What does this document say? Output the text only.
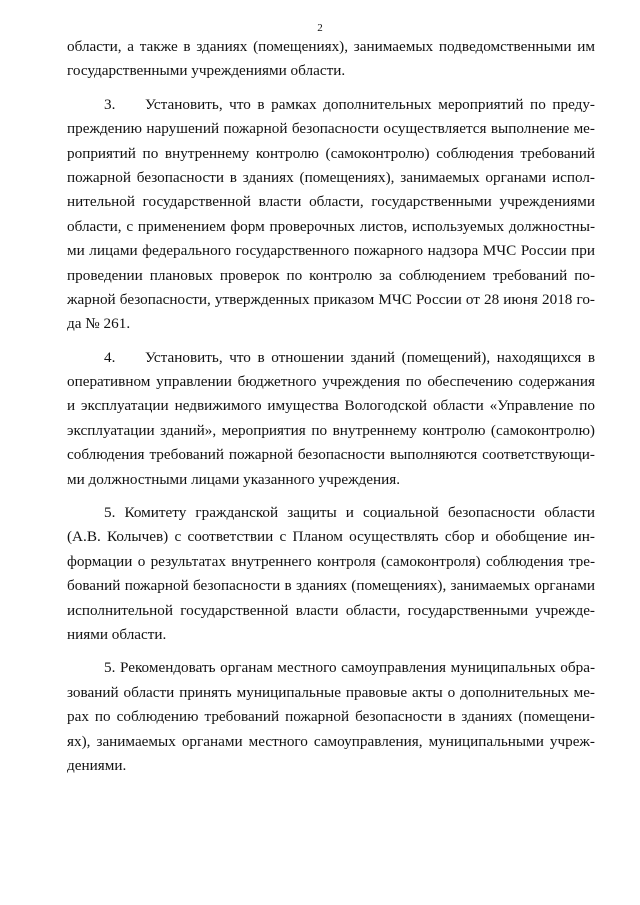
2
области, а также в зданиях (помещениях), занимаемых подведомственными им
государственными учреждениями области.
3. Установить, что в рамках дополнительных мероприятий по преду-
преждению нарушений пожарной безопасности осуществляется выполнение ме-
роприятий по внутреннему контролю (самоконтролю) соблюдения требований
пожарной безопасности в зданиях (помещениях), занимаемых органами испол-
нительной государственной власти области, государственными учреждениями
области, с применением форм проверочных листов, используемых должностны-
ми лицами федерального государственного пожарного надзора МЧС России при
проведении плановых проверок по контролю за соблюдением требований по-
жарной безопасности, утвержденных приказом МЧС России от 28 июня 2018 го-
да № 261.
4. Установить, что в отношении зданий (помещений), находящихся в
оперативном управлении бюджетного учреждения по обеспечению содержания
и эксплуатации недвижимого имущества Вологодской области «Управление по
эксплуатации зданий», мероприятия по внутреннему контролю (самоконтролю)
соблюдения требований пожарной безопасности выполняются соответствующи-
ми должностными лицами указанного учреждения.
5. Комитету гражданской защиты и социальной безопасности области
(А.В. Колычев) с соответствии с Планом осуществлять сбор и обобщение ин-
формации о результатах внутреннего контроля (самоконтроля) соблюдения тре-
бований пожарной безопасности в зданиях (помещениях), занимаемых органами
исполнительной государственной власти области, государственными учрежде-
ниями области.
5. Рекомендовать органам местного самоуправления муниципальных обра-
зований области принять муниципальные правовые акты о дополнительных ме-
рах по соблюдению требований пожарной безопасности в зданиях (помещени-
ях), занимаемых органами местного самоуправления, муниципальными учреж-
дениями.
